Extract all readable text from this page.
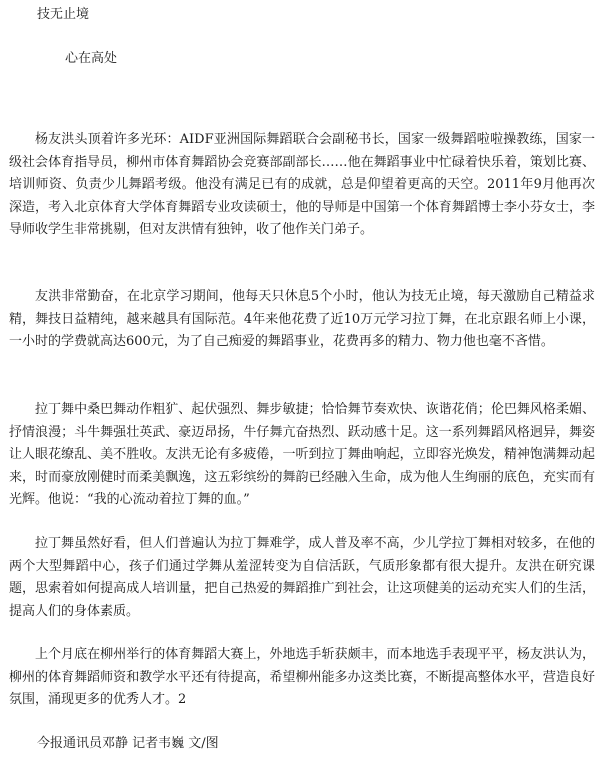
技无止境
心在高处

杨友洪头顶着许多光环：AIDF亚洲国际舞蹈联合会副秘书长，国家一级舞蹈啦啦操教练，国家一级社会体育指导员，柳州市体育舞蹈协会竞赛部副部长……他在舞蹈事业中忙碌着快乐着，策划比赛、培训师资、负责少儿舞蹈考级。他没有满足已有的成就，总是仰望着更高的天空。2011年9月他再次深造，考入北京体育大学体育舞蹈专业攻读硕士，他的导师是中国第一个体育舞蹈博士李小芬女士，李导师收学生非常挑剔，但对友洪情有独钟，收了他作关门弟子。

友洪非常勤奋，在北京学习期间，他每天只休息5个小时，他认为技无止境，每天激励自己精益求精，舞技日益精纯，越来越具有国际范。4年来他花费了近10万元学习拉丁舞，在北京跟名师上小课，一小时的学费就高达600元，为了自己痴爱的舞蹈事业，花费再多的精力、物力他也毫不吝惜。

拉丁舞中桑巴舞动作粗犷、起伏强烈、舞步敏捷；恰恰舞节奏欢快、诙谐花俏；伦巴舞风格柔媚、抒情浪漫；斗牛舞强壮英武、豪迈昂扬，牛仔舞亢奋热烈、跃动感十足。这一系列舞蹈风格迥异，舞姿让人眼花缭乱、美不胜收。友洪无论有多疲倦，一听到拉丁舞曲响起，立即容光焕发，精神饱满舞动起来，时而豪放刚健时而柔美飘逸，这五彩缤纷的舞韵已经融入生命，成为他人生绚丽的底色，充实而有光辉。他说：“我的心流动着拉丁舞的血。”

拉丁舞虽然好看，但人们普遍认为拉丁舞难学，成人普及率不高，少儿学拉丁舞相对较多，在他的两个大型舞蹈中心，孩子们通过学舞从羞涩转变为自信活跃，气质形象都有很大提升。友洪在研究课题，思索着如何提高成人培训量，把自己热爱的舞蹈推广到社会，让这项健美的运动充实人们的生活，提高人们的身体素质。

上个月底在柳州举行的体育舞蹈大赛上，外地选手斩获颇丰，而本地选手表现平平，杨友洪认为，柳州的体育舞蹈师资和教学水平还有待提高，希望柳州能多办这类比赛，不断提高整体水平，营造良好氛围，涌现更多的优秀人才。2

今报通讯员邓静 记者韦巍 文/图
